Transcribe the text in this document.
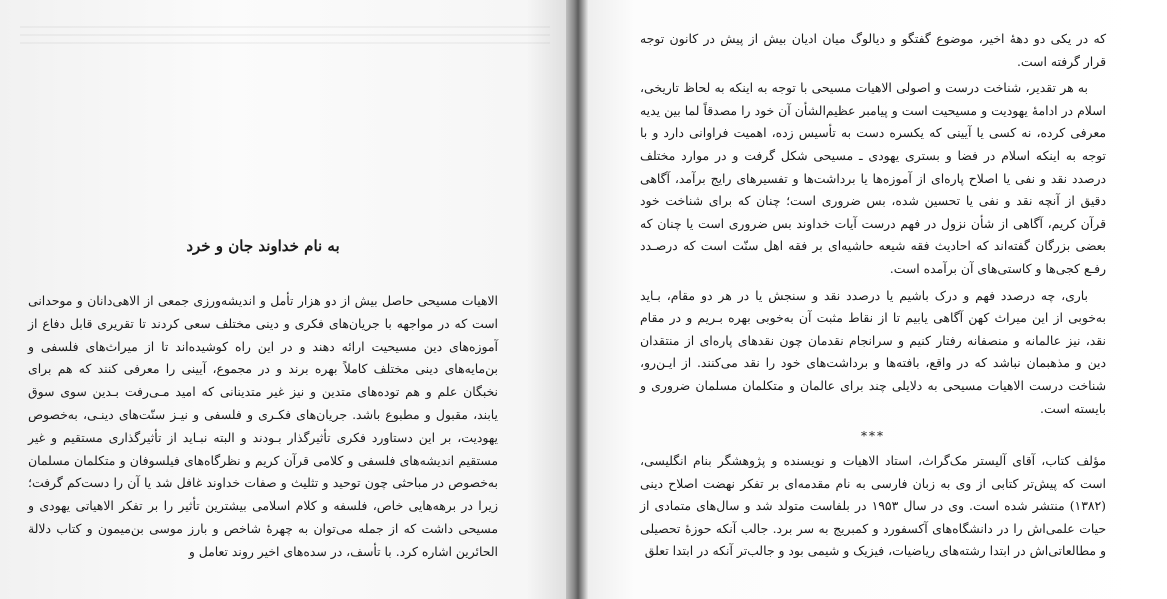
به نام خداوند جان و خرد

الاهیات مسیحی حاصل بیش از دو هزار تأمل و اندیشه‌ورزی جمعی از الاهی‌دانان و موحدانی است که در مواجهه با جریان‌های فکری و دینی مختلف سعی کردند تا تقریری قابل دفاع از آموزه‌های دین مسیحیت ارائه دهند و در این راه کوشیده‌اند تا از میراث‌های فلسفی و بن‌مایه‌های دینی مختلف کاملاً بهره برند و در مجموع، آیینی را معرفی کنند که هم برای نخبگان علم و هم توده‌های متدین و نیز غیر متدینانی که امید مـی‌رفت بـدین سوی سوق یابند، مقبول و مطبوع باشد. جریان‌های فکـری و فلسفی و نیـز سنّت‌های دینـی، به‌خصوص یهودیت، بر این دستاورد فکری تأثیرگذار بـودند و البته نبـاید از تأثیرگذاری مستقیم و غیر مستقیم اندیشه‌های فلسفی و کلامی قرآن کریم و نظرگاه‌های فیلسوفان و متکلمان مسلمان به‌خصوص در مباحثی چون توحید و تثلیث و صفات خداوند غافل شد یا آن را دست‌کم گرفت؛ زیرا در برهه‌هایی خاص، فلسفه و کلام اسلامی بیشترین تأثیر را بر تفکر الاهیاتی یهودی و مسیحی داشت که از جمله می‌توان به چهرهٔ شاخص و بارز موسی بن‌میمون و کتاب دلالة الحائرین اشاره کرد. با تأسف، در سده‌های اخیر روند تعامل و

که در یکی دو دههٔ اخیر، موضوع گفتگو و دیالوگ میان ادیان بیش از پیش در کانون توجه قرار گرفته است.

به هر تقدیر، شناخت درست و اصولی الاهیات مسیحی با توجه به اینکه به لحاظ تاریخی، اسلام در ادامهٔ یهودیت و مسیحیت است و پیامبر عظیم‌الشأن آن خود را مصدقاً لما بین یدیه معرفی کرده، نه کسی یا آیینی که یکسره دست به تأسیس زده، اهمیت فراوانی دارد و با توجه به اینکه اسلام در فضا و بستری یهودی ـ مسیحی شکل گرفت و در موارد مختلف درصدد نقد و نفی یا اصلاح پاره‌ای از آموزه‌ها یا برداشت‌ها و تفسیرهای رایج برآمد، آگاهی دقیق از آنچه نقد و نفی یا تحسین شده، بس ضروری است؛ چنان که برای شناخت خود قرآن کریم، آگاهی از شأن نزول در فهم درست آیات خداوند بس ضروری است یا چنان که بعضی بزرگان گفته‌اند که احادیث فقه شیعه حاشیه‌ای بر فقه اهل سنّت است که درصـدد رفـع کجی‌ها و کاستی‌های آن برآمده است.

باری، چه درصدد فهم و درک باشیم یا درصدد نقد و سنجش یا در هر دو مقام، بـاید به‌خوبی از این میراث کهن آگاهی یابیم تا از نقاط مثبت آن به‌خوبی بهره بـریم و در مقام نقد، نیز عالمانه و منصفانه رفتار کنیم و سرانجام نقدمان چون نقدهای پاره‌ای از منتقدان دین و مذهبمان نباشد که در واقع، بافته‌ها و برداشت‌های خود را نقد می‌کنند. از ایـن‌رو، شناخت درست الاهیات مسیحی به دلایلی چند برای عالمان و متکلمان مسلمان ضروری و بایسته است.

***

مؤلف کتاب، آقای آلیستر مک‌گراث، استاد الاهیات و نویسنده و پژوهشگر بنام انگلیسی، است که پیش‌تر کتابی از وی به زبان فارسی به نام مقدمه‌ای بر تفکر نهضت اصلاح دینی (۱۳۸۲) منتشر شده است. وی در سال ۱۹۵۳ در بلفاست متولد شد و سال‌های متمادی از حیات علمی‌اش را در دانشگاه‌های آکسفورد و کمبریج به سر برد. جالب آنکه حوزهٔ تحصیلی و مطالعاتی‌اش در ابتدا رشته‌های ریاضیات، فیزیک و شیمی بود و جالب‌تر آنکه در ابتدا تعلق
